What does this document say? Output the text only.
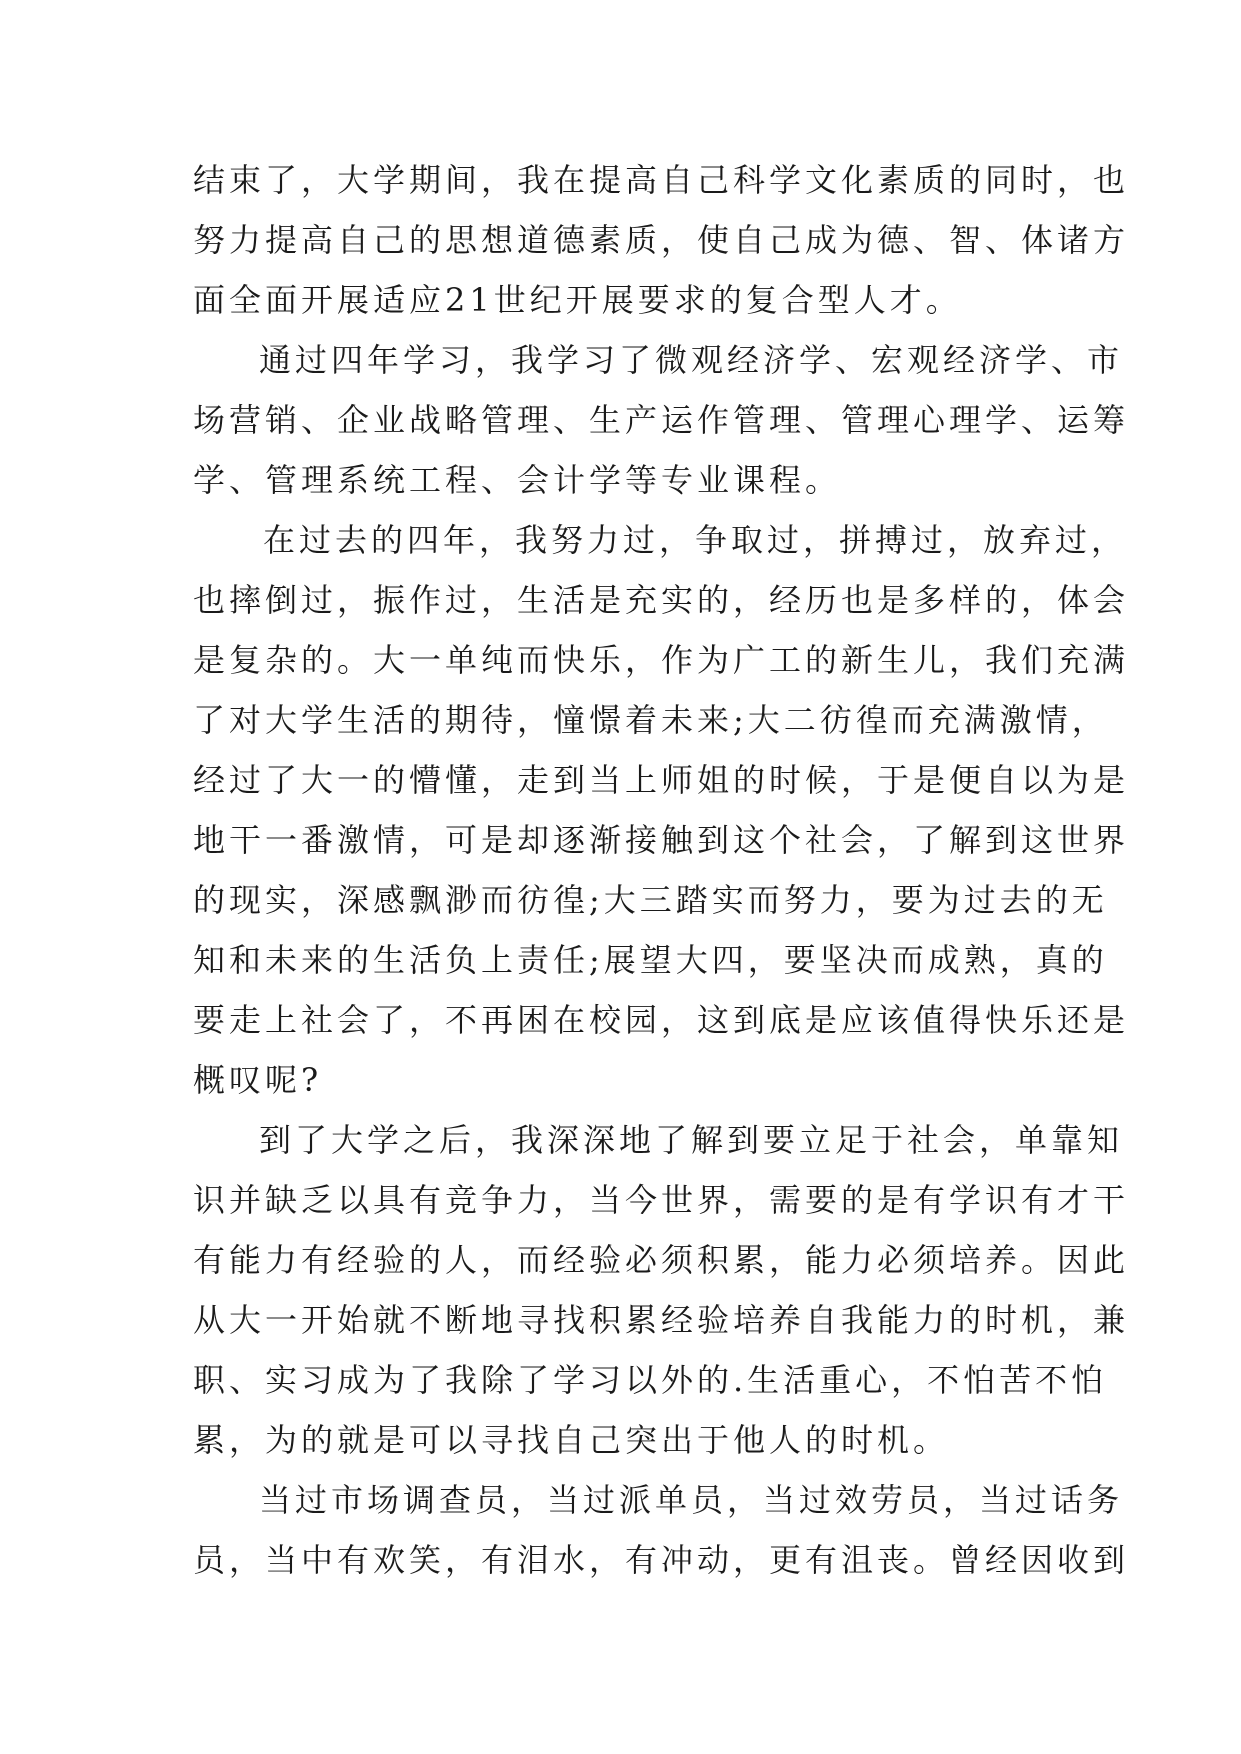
结束了，大学期间，我在提高自己科学文化素质的同时，也
努力提高自己的思想道德素质，使自己成为德、智、体诸方
面全面开展适应21世纪开展要求的复合型人才。
通过四年学习，我学习了微观经济学、宏观经济学、市
场营销、企业战略管理、生产运作管理、管理心理学、运筹
学、管理系统工程、会计学等专业课程。
在过去的四年，我努力过，争取过，拼搏过，放弃过，
也摔倒过，振作过，生活是充实的，经历也是多样的，体会
是复杂的。大一单纯而快乐，作为广工的新生儿，我们充满
了对大学生活的期待，憧憬着未来;大二彷徨而充满激情，
经过了大一的懵懂，走到当上师姐的时候，于是便自以为是
地干一番激情，可是却逐渐接触到这个社会，了解到这世界
的现实，深感飘渺而彷徨;大三踏实而努力，要为过去的无
知和未来的生活负上责任;展望大四，要坚决而成熟，真的
要走上社会了，不再困在校园，这到底是应该值得快乐还是
概叹呢?
到了大学之后，我深深地了解到要立足于社会，单靠知
识并缺乏以具有竞争力，当今世界，需要的是有学识有才干
有能力有经验的人，而经验必须积累，能力必须培养。因此
从大一开始就不断地寻找积累经验培养自我能力的时机，兼
职、实习成为了我除了学习以外的.生活重心，不怕苦不怕
累，为的就是可以寻找自己突出于他人的时机。
当过市场调查员，当过派单员，当过效劳员，当过话务
员，当中有欢笑，有泪水，有冲动，更有沮丧。曾经因收到
